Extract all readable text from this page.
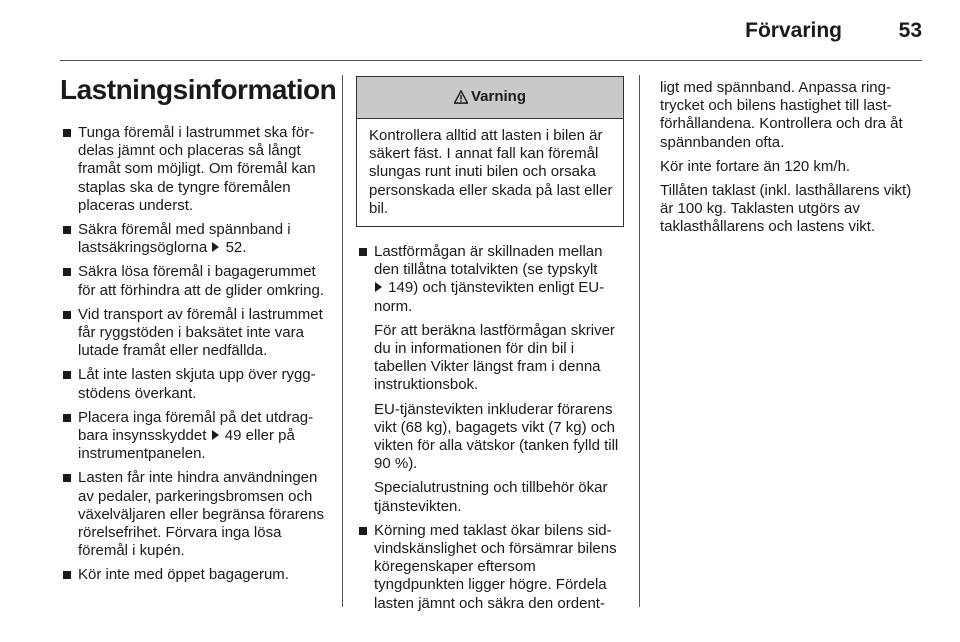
Förvaring	53
Lastningsinformation
Tunga föremål i lastrummet ska fördelas jämnt och placeras så långt framåt som möjligt. Om föremål kan staplas ska de tyngre föremålen placeras underst.
Säkra föremål med spännband i lastsäkringsöglorna 52.
Säkra lösa föremål i bagagerummet för att förhindra att de glider omkring.
Vid transport av föremål i lastrummet får ryggstöden i baksätet inte vara lutade framåt eller nedfällda.
Låt inte lasten skjuta upp över ryggstödens överkant.
Placera inga föremål på det utdragbara insynsskyddet 49 eller på instrumentpanelen.
Lasten får inte hindra användningen av pedaler, parkeringsbromsen och växelväljaren eller begränsa förarens rörelsefrihet. Förvara inga lösa föremål i kupén.
Kör inte med öppet bagagerum.
Varning
Kontrollera alltid att lasten i bilen är säkert fäst. I annat fall kan föremål slungas runt inuti bilen och orsaka personskada eller skada på last eller bil.
Lastförmågan är skillnaden mellan den tillåtna totalvikten (se typskylt
149) och tjänstevikten enligt EU-norm.

För att beräkna lastförmågan skriver du in informationen för din bil i tabellen Vikter längst fram i denna instruktionsbok.

EU-tjänstevikten inkluderar förarens vikt (68 kg), bagagets vikt (7 kg) och vikten för alla vätskor (tanken fylld till 90 %).

Specialutrustning och tillbehör ökar tjänstevikten.

Körning med taklast ökar bilens sidvindskänslighet och försämrar bilens köregenskaper eftersom tyngdpunkten ligger högre. Fördela lasten jämnt och säkra den ordent-

ligt med spännband. Anpassa ringtrycket och bilens hastighet till lastförhållandena. Kontrollera och dra åt spännbanden ofta.

Kör inte fortare än 120 km/h.

Tillåten taklast (inkl. lasthållarens vikt) är 100 kg. Taklasten utgörs av taklasthållarens och lastens vikt.
